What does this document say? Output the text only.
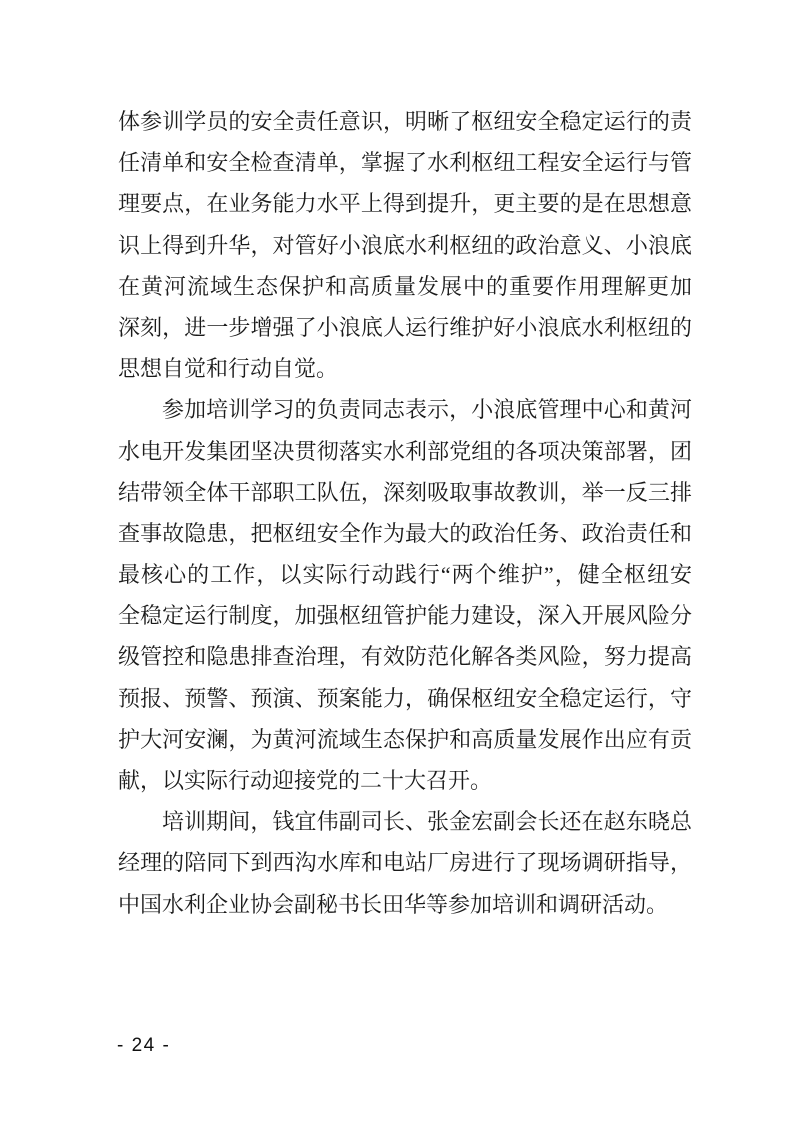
体参训学员的安全责任意识，明晰了枢纽安全稳定运行的责
任清单和安全检查清单，掌握了水利枢纽工程安全运行与管
理要点，在业务能力水平上得到提升，更主要的是在思想意
识上得到升华，对管好小浪底水利枢纽的政治意义、小浪底
在黄河流域生态保护和高质量发展中的重要作用理解更加
深刻，进一步增强了小浪底人运行维护好小浪底水利枢纽的
思想自觉和行动自觉。
参加培训学习的负责同志表示，小浪底管理中心和黄河
水电开发集团坚决贯彻落实水利部党组的各项决策部署，团
结带领全体干部职工队伍，深刻吸取事故教训，举一反三排
查事故隐患，把枢纽安全作为最大的政治任务、政治责任和
最核心的工作，以实际行动践行“两个维护”，健全枢纽安
全稳定运行制度，加强枢纽管护能力建设，深入开展风险分
级管控和隐患排查治理，有效防范化解各类风险，努力提高
预报、预警、预演、预案能力，确保枢纽安全稳定运行，守
护大河安澜，为黄河流域生态保护和高质量发展作出应有贡
献，以实际行动迎接党的二十大召开。
培训期间，钱宜伟副司长、张金宏副会长还在赵东晓总
经理的陪同下到西沟水库和电站厂房进行了现场调研指导，
中国水利企业协会副秘书长田华等参加培训和调研活动。
- 24 -
